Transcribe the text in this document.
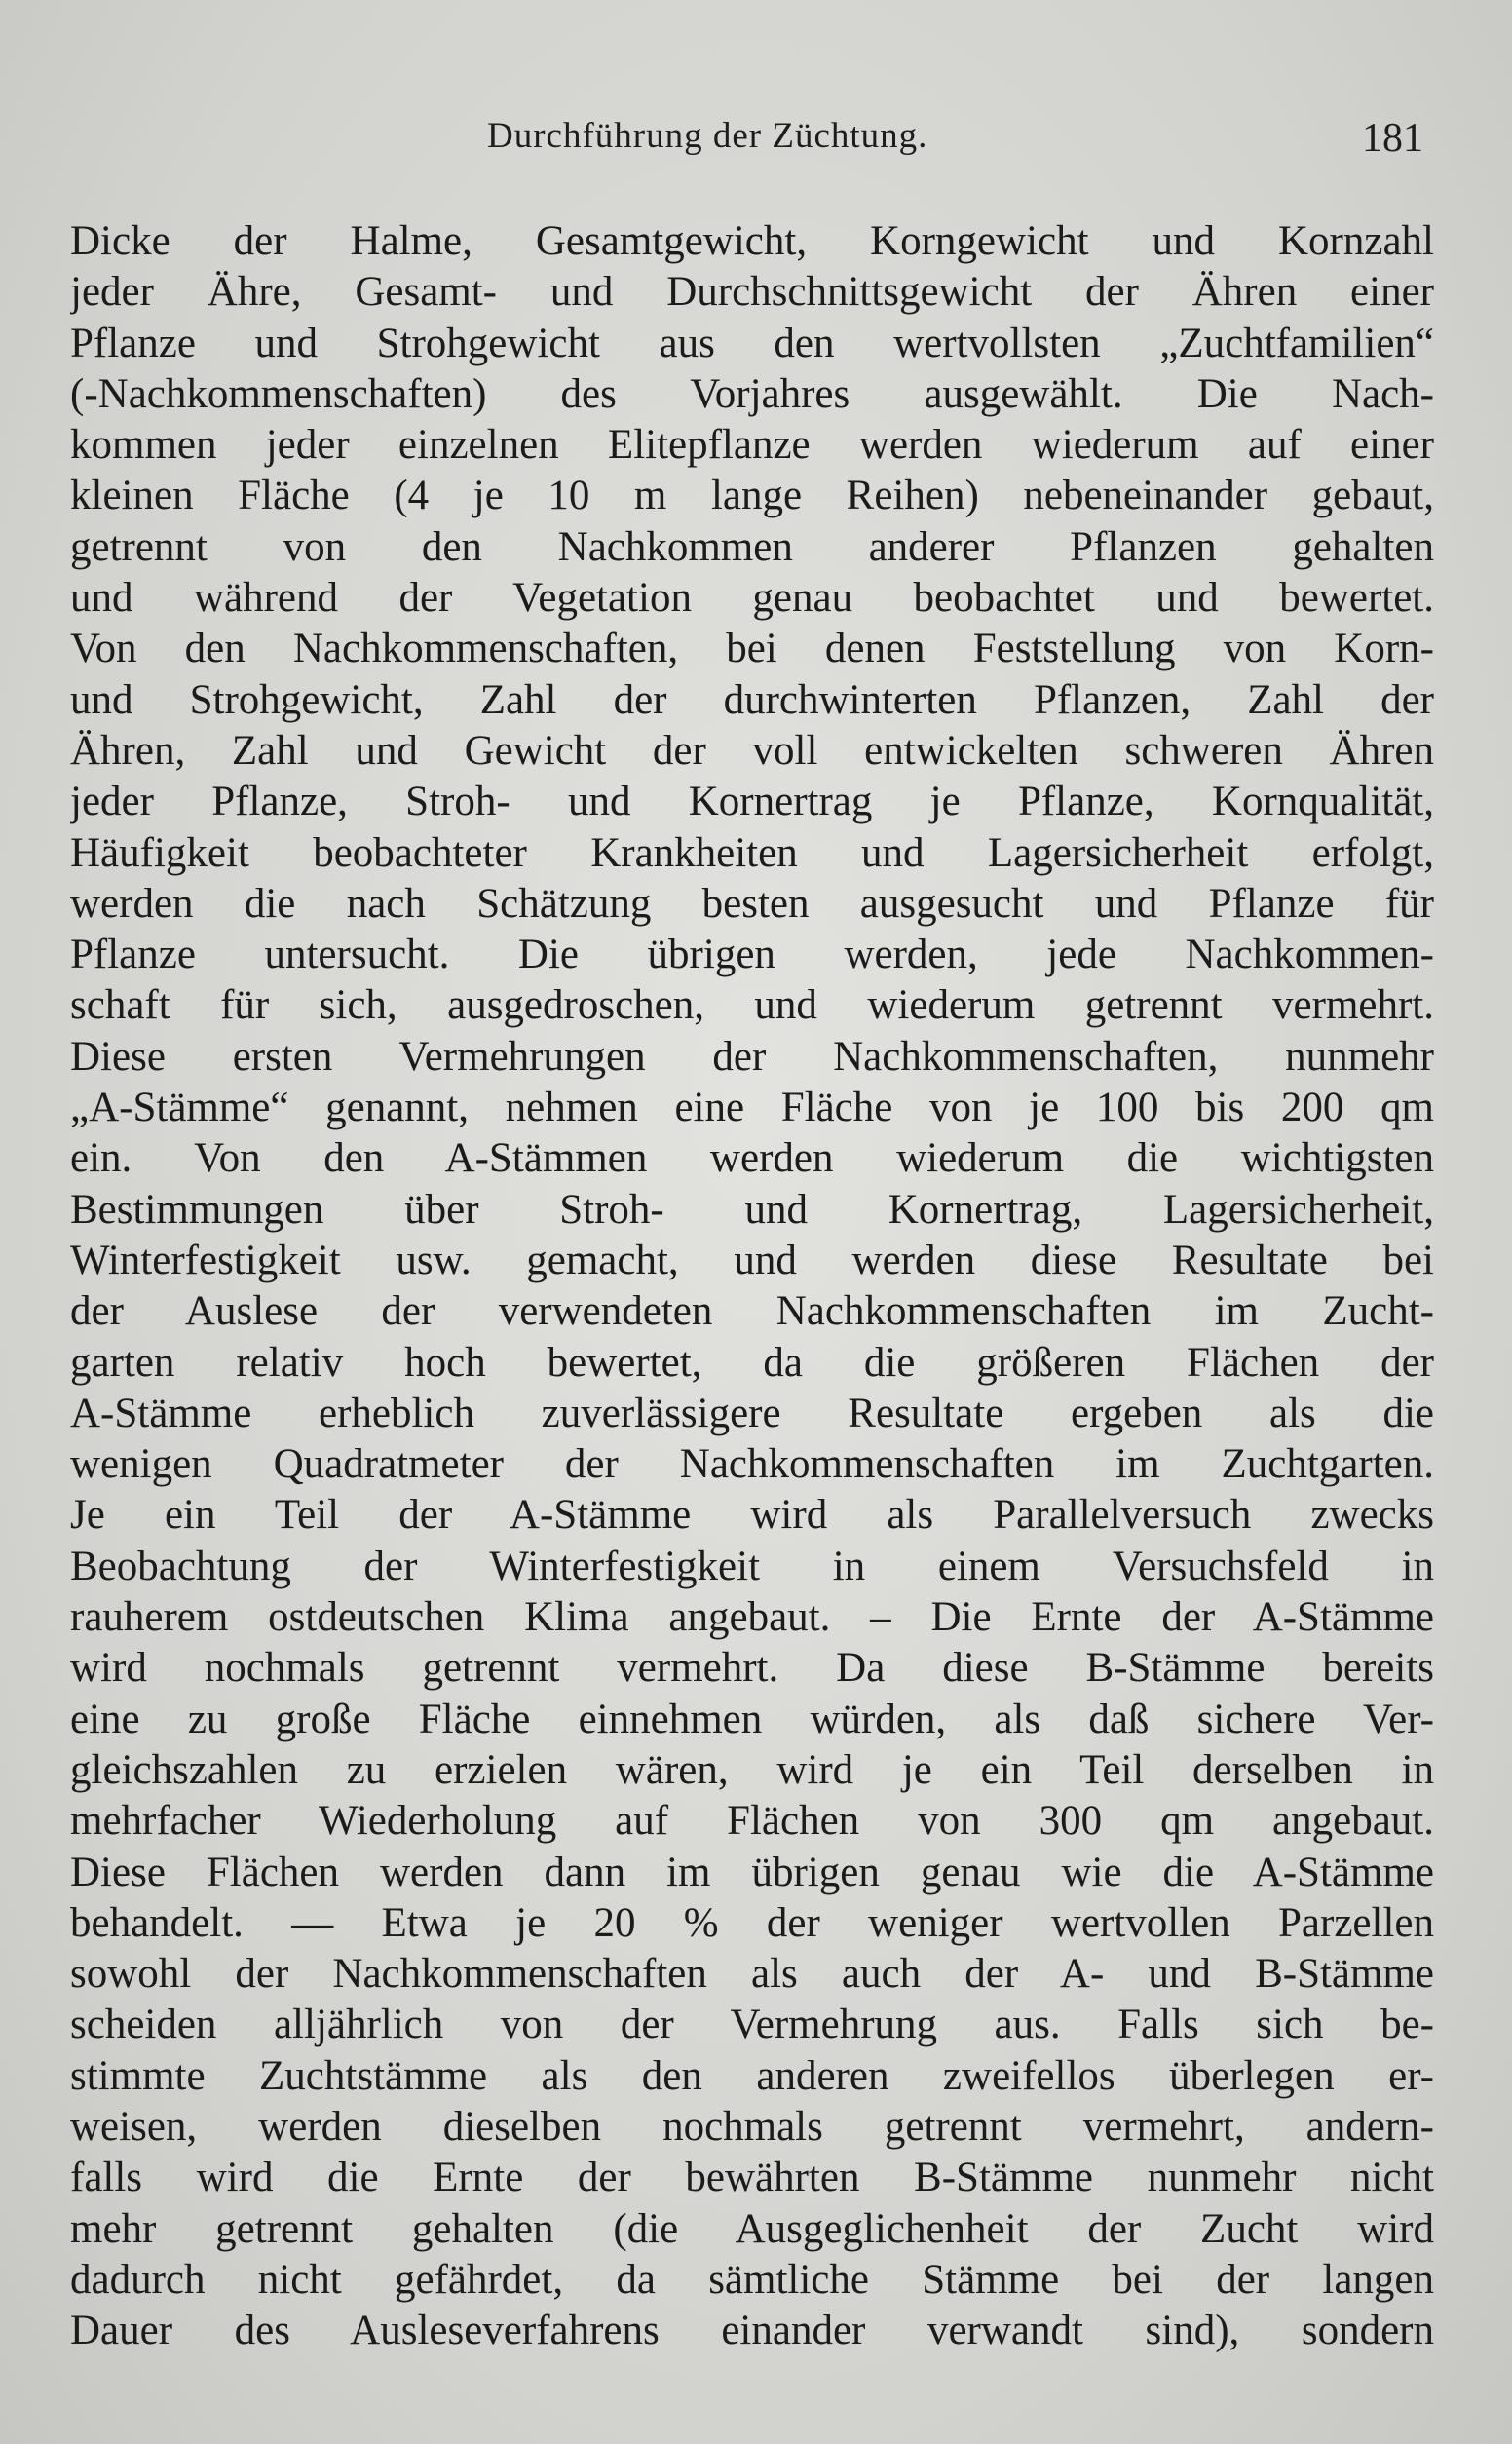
Durchführung der Züchtung.	181
Dicke der Halme, Gesamtgewicht, Korngewicht und Kornzahl
jeder Ähre, Gesamt- und Durchschnittsgewicht der Ähren einer
Pflanze und Strohgewicht aus den wertvollsten „Zuchtfamilien“
(-Nachkommenschaften) des Vorjahres ausgewählt. Die Nach-
kommen jeder einzelnen Elitepflanze werden wiederum auf einer
kleinen Fläche (4 je 10 m lange Reihen) nebeneinander gebaut,
getrennt von den Nachkommen anderer Pflanzen gehalten
und während der Vegetation genau beobachtet und bewertet.
Von den Nachkommenschaften, bei denen Feststellung von Korn-
und Strohgewicht, Zahl der durchwinterten Pflanzen, Zahl der
Ähren, Zahl und Gewicht der voll entwickelten schweren Ähren
jeder Pflanze, Stroh- und Kornertrag je Pflanze, Kornqualität,
Häufigkeit beobachteter Krankheiten und Lagersicherheit erfolgt,
werden die nach Schätzung besten ausgesucht und Pflanze für
Pflanze untersucht. Die übrigen werden, jede Nachkommen-
schaft für sich, ausgedroschen, und wiederum getrennt vermehrt.
Diese ersten Vermehrungen der Nachkommenschaften, nunmehr
„A-Stämme“ genannt, nehmen eine Fläche von je 100 bis 200 qm
ein. Von den A-Stämmen werden wiederum die wichtigsten
Bestimmungen über Stroh- und Kornertrag, Lagersicherheit,
Winterfestigkeit usw. gemacht, und werden diese Resultate bei
der Auslese der verwendeten Nachkommenschaften im Zucht-
garten relativ hoch bewertet, da die größeren Flächen der
A-Stämme erheblich zuverlässigere Resultate ergeben als die
wenigen Quadratmeter der Nachkommenschaften im Zuchtgarten.
Je ein Teil der A-Stämme wird als Parallelversuch zwecks
Beobachtung der Winterfestigkeit in einem Versuchsfeld in
rauherem ostdeutschen Klima angebaut. – Die Ernte der A-Stämme
wird nochmals getrennt vermehrt. Da diese B-Stämme bereits
eine zu große Fläche einnehmen würden, als daß sichere Ver-
gleichszahlen zu erzielen wären, wird je ein Teil derselben in
mehrfacher Wiederholung auf Flächen von 300 qm angebaut.
Diese Flächen werden dann im übrigen genau wie die A-Stämme
behandelt. — Etwa je 20 % der weniger wertvollen Parzellen
sowohl der Nachkommenschaften als auch der A- und B-Stämme
scheiden alljährlich von der Vermehrung aus. Falls sich be-
stimmte Zuchtstämme als den anderen zweifellos überlegen er-
weisen, werden dieselben nochmals getrennt vermehrt, andern-
falls wird die Ernte der bewährten B-Stämme nunmehr nicht
mehr getrennt gehalten (die Ausgeglichenheit der Zucht wird
dadurch nicht gefährdet, da sämtliche Stämme bei der langen
Dauer des Ausleseverfahrens einander verwandt sind), sondern
